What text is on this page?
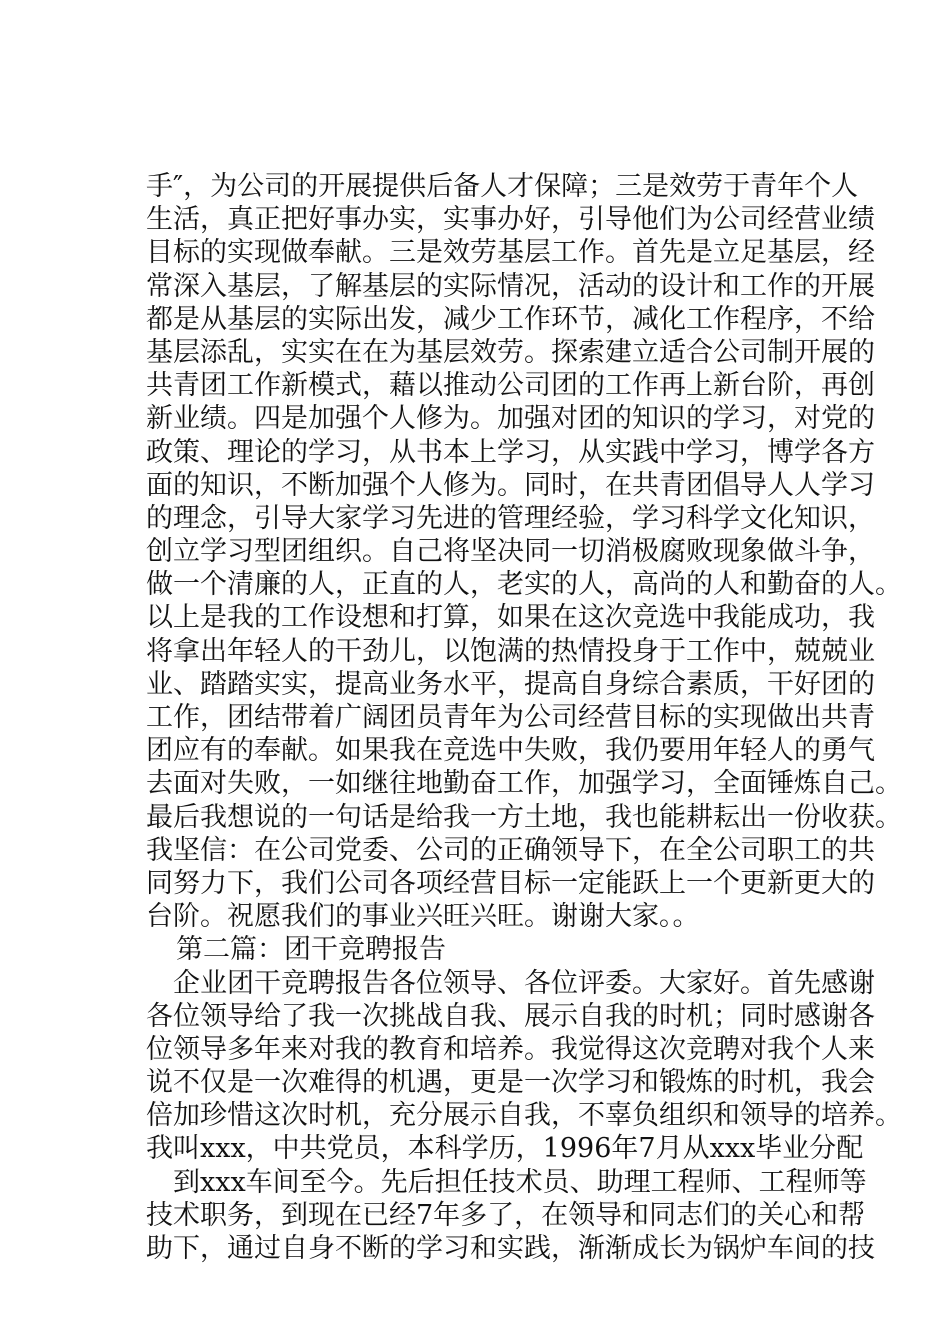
手″，为公司的开展提供后备人才保障；三是效劳于青年个人
生活，真正把好事办实，实事办好，引导他们为公司经营业绩
目标的实现做奉献。三是效劳基层工作。首先是立足基层，经
常深入基层，了解基层的实际情况，活动的设计和工作的开展
都是从基层的实际出发，减少工作环节，减化工作程序，不给
基层添乱，实实在在为基层效劳。探索建立适合公司制开展的
共青团工作新模式，藉以推动公司团的工作再上新台阶，再创
新业绩。四是加强个人修为。加强对团的知识的学习，对党的
政策、理论的学习，从书本上学习，从实践中学习，博学各方
面的知识，不断加强个人修为。同时，在共青团倡导人人学习
的理念，引导大家学习先进的管理经验，学习科学文化知识，
创立学习型团组织。自己将坚决同一切消极腐败现象做斗争，
做一个清廉的人，正直的人，老实的人，高尚的人和勤奋的人。
以上是我的工作设想和打算，如果在这次竞选中我能成功，我
将拿出年轻人的干劲儿，以饱满的热情投身于工作中，兢兢业
业、踏踏实实，提高业务水平，提高自身综合素质，干好团的
工作，团结带着广阔团员青年为公司经营目标的实现做出共青
团应有的奉献。如果我在竞选中失败，我仍要用年轻人的勇气
去面对失败，一如继往地勤奋工作，加强学习，全面锤炼自己。
最后我想说的一句话是给我一方土地，我也能耕耘出一份收获。
我坚信：在公司党委、公司的正确领导下，在全公司职工的共
同努力下，我们公司各项经营目标一定能跃上一个更新更大的
台阶。祝愿我们的事业兴旺兴旺。谢谢大家。。
第二篇：团干竞聘报告
企业团干竞聘报告各位领导、各位评委。大家好。首先感谢
各位领导给了我一次挑战自我、展示自我的时机；同时感谢各
位领导多年来对我的教育和培养。我觉得这次竞聘对我个人来
说不仅是一次难得的机遇，更是一次学习和锻炼的时机，我会
倍加珍惜这次时机，充分展示自我，不辜负组织和领导的培养。
我叫xxx，中共党员，本科学历，1996年7月从xxx毕业分配
到xxx车间至今。先后担任技术员、助理工程师、工程师等
技术职务，到现在已经7年多了，在领导和同志们的关心和帮
助下，通过自身不断的学习和实践，渐渐成长为锅炉车间的技
